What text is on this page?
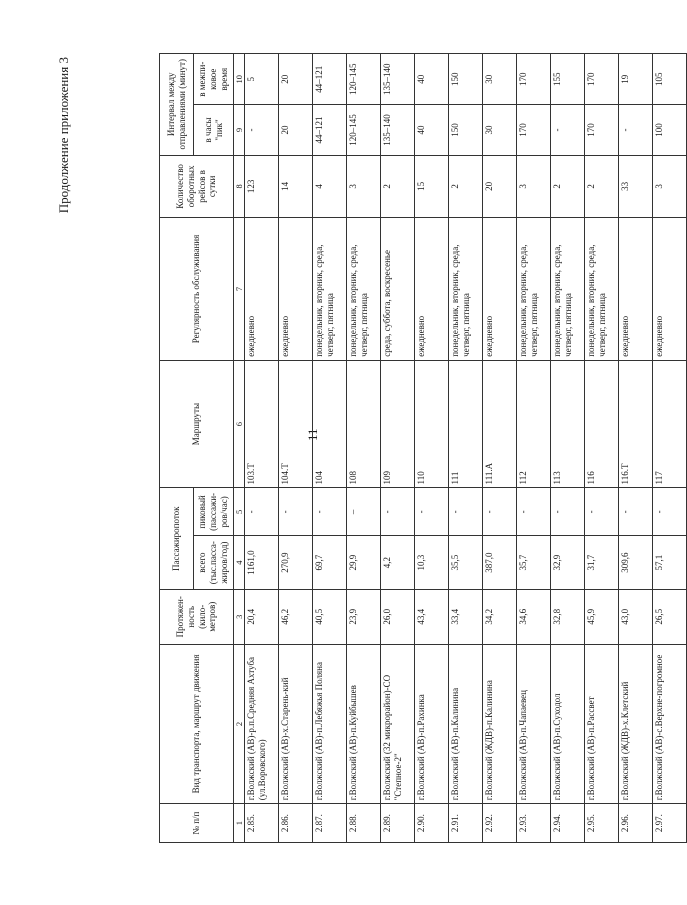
11
Продолжение приложения 3
№ п/п	Вид транспорта, маршрут движения	Протяжен-ность (кило-метров)	Пассажиропоток		Маршруты	Регулярность обслуживания	Количество оборотных рейсов в сутки	Интервал между отправлениями (минут)	
			всего (тыс.пасса-жиров/год)	пиковый (пассажи-ров/час)				в часы "пик"	в межпи-ковое время
1	2	3	4	5	6	7	8	9	10
2.85.	г.Волжский (АВ)-р.п.Средняя Ахтуба (ул.Воровского)	20,4	1161,0	-	103.Т	ежедневно	123	-	5
2.86.	г.Волжский (АВ)-х.Старень-кий	46,2	270,9	-	104.Т	ежедневно	14	20	20
2.87.	г.Волжский (АВ)-п.Лебяжья Поляна	40,5	69,7	-	104	понедельник, вторник, среда, четверг, пятница	4	44–121	44–121
2.88.	г.Волжский (АВ)-п.Куйбышев	23,9	29,9	–	108	понедельник, вторник, среда, четверг, пятница	3	120–145	120–145
2.89.	г.Волжский (32 микрорайон)-СО "Степное-2"	26,0	4,2	-	109	среда, суббота, воскресенье	2	135–140	135–140
2.90.	г.Волжский (АВ)-п.Рахинка	43,4	10,3	-	110	ежедневно	15	40	40
2.91.	г.Волжский (АВ)-п.Калинина	33,4	35,5	-	111	понедельник, вторник, среда, четверг, пятница	2	150	150
2.92.	г.Волжский (ЖДВ)-п.Калинина	34,2	387,0	-	111.А	ежедневно	20	30	30
2.93.	г.Волжский (АВ)-п.Чапаевец	34,6	35,7	-	112	понедельник, вторник, среда, четверг, пятница	3	170	170
2.94.	г.Волжский (АВ)-п.Суходол	32,8	32,9	-	113	понедельник, вторник, среда, четверг, пятница	2	-	155
2.95.	г.Волжский (АВ)-п.Рассвет	45,9	31,7	-	116	понедельник, вторник, среда, четверг, пятница	2	170	170
2.96.	г.Волжский (ЖДВ)-х.Клетский	43,0	309,6	-	116.Т	ежедневно	33	-	19
2.97.	г.Волжский (АВ)-с.Верхне-погромное	26,5	57,1	-	117	ежедневно	3	100	105
